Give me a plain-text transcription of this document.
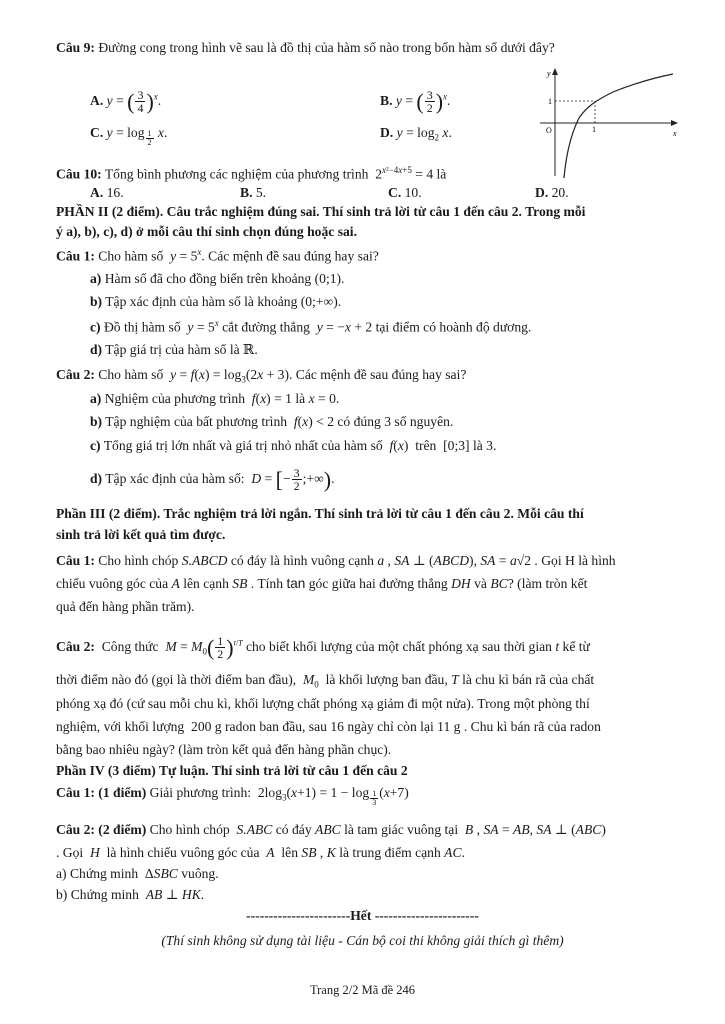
Câu 9: Đường cong trong hình vẽ sau là đồ thị của hàm số nào trong bốn hàm số dưới đây?
A. y = ( $\frac{3}{4} )^x$.	B. y = ( $\frac{3}{2} )^x$.
C. y = log $_{\frac{1}{2}}$ x.	D. $y = \log_2 x$.
y
x
O
1
1
Câu 10: Tổng bình phương các nghiệm của phương trình  $2^{x^2-4x+5} = 4$ là
A. 16.	B. 5.	C. 10.	D. 20.
PHẦN II (2 điểm). Câu trắc nghiệm đúng sai. Thí sinh trả lời từ câu 1 đến câu 2. Trong mỗi
ý a), b), c), d) ở mỗi câu thí sinh chọn đúng hoặc sai.
Câu 1: Cho hàm số  $y = 5^x$. Các mệnh đề sau đúng hay sai?
a) Hàm số đã cho đồng biến trên khoảng (0;1).
b) Tập xác định của hàm số là khoảng (0;+∞).
c) Đồ thị hàm số  $y = 5^x$ cắt đường thẳng  y = −x + 2 tại điểm có hoành độ dương.
d) Tập giá trị của hàm số là ℝ.
Câu 2: Cho hàm số  $y = f(x) = \log_3(2x + 3)$. Các mệnh đề sau đúng hay sai?
a) Nghiệm của phương trình  f(x) = 1 là x = 0.
b) Tập nghiệm của bất phương trình  f(x) < 2 có đúng 3 số nguyên.
c) Tổng giá trị lớn nhất và giá trị nhỏ nhất của hàm số  f(x)  trên  [0;3] là 3.
d) Tập xác định của hàm số:  D = [− $\frac{3}{2}$ ;+∞).
Phần III (2 điểm). Trắc nghiệm trả lời ngắn. Thí sinh trả lời từ câu 1 đến câu 2. Mỗi câu thí
sinh trả lời kết quả tìm được.
Câu 1: Cho hình chóp S.ABCD có đáy là hình vuông cạnh a , SA ⊥ (ABCD), SA = a√2 . Gọi H là hình
chiếu vuông góc của A lên cạnh SB . Tính tan góc giữa hai đường thẳng DH và BC? (làm tròn kết
quả đến hàng phần trăm).
Câu 2:  Công thức  $M = M_0( \frac{1}{2} )^{t/T}$ cho biết khối lượng của một chất phóng xạ sau thời gian t kể từ
thời điểm nào đó (gọi là thời điểm ban đầu),  $M_0$  là khối lượng ban đầu, T là chu kì bán rã của chất
phóng xạ đó (cứ sau mỗi chu kì, khối lượng chất phóng xạ giảm đi một nửa). Trong một phòng thí
nghiệm, với khối lượng  200 g radon ban đầu, sau 16 ngày chỉ còn lại 11 g . Chu kì bán rã của radon
bằng bao nhiêu ngày? (làm tròn kết quả đến hàng phần chục).
Phần IV (3 điểm) Tự luận. Thí sinh trả lời từ câu 1 đến câu 2
Câu 1: (1 điểm) Giải phương trình:  $2\log_3(x+1) = 1 - \log _{\frac{1}{3}}$ (x+7)
Câu 2: (2 điểm) Cho hình chóp  S.ABC có đáy ABC là tam giác vuông tại  B , SA = AB, SA ⊥ (ABC)
. Gọi  H  là hình chiếu vuông góc của  A  lên SB , K là trung điểm cạnh AC.
a) Chứng minh  ΔSBC vuông.
b) Chứng minh  AB ⊥ HK.
-----------------------Hết -----------------------
(Thí sinh không sử dụng tài liệu - Cán bộ coi thi không giải thích gì thêm)
Trang 2/2 Mã đề 246
